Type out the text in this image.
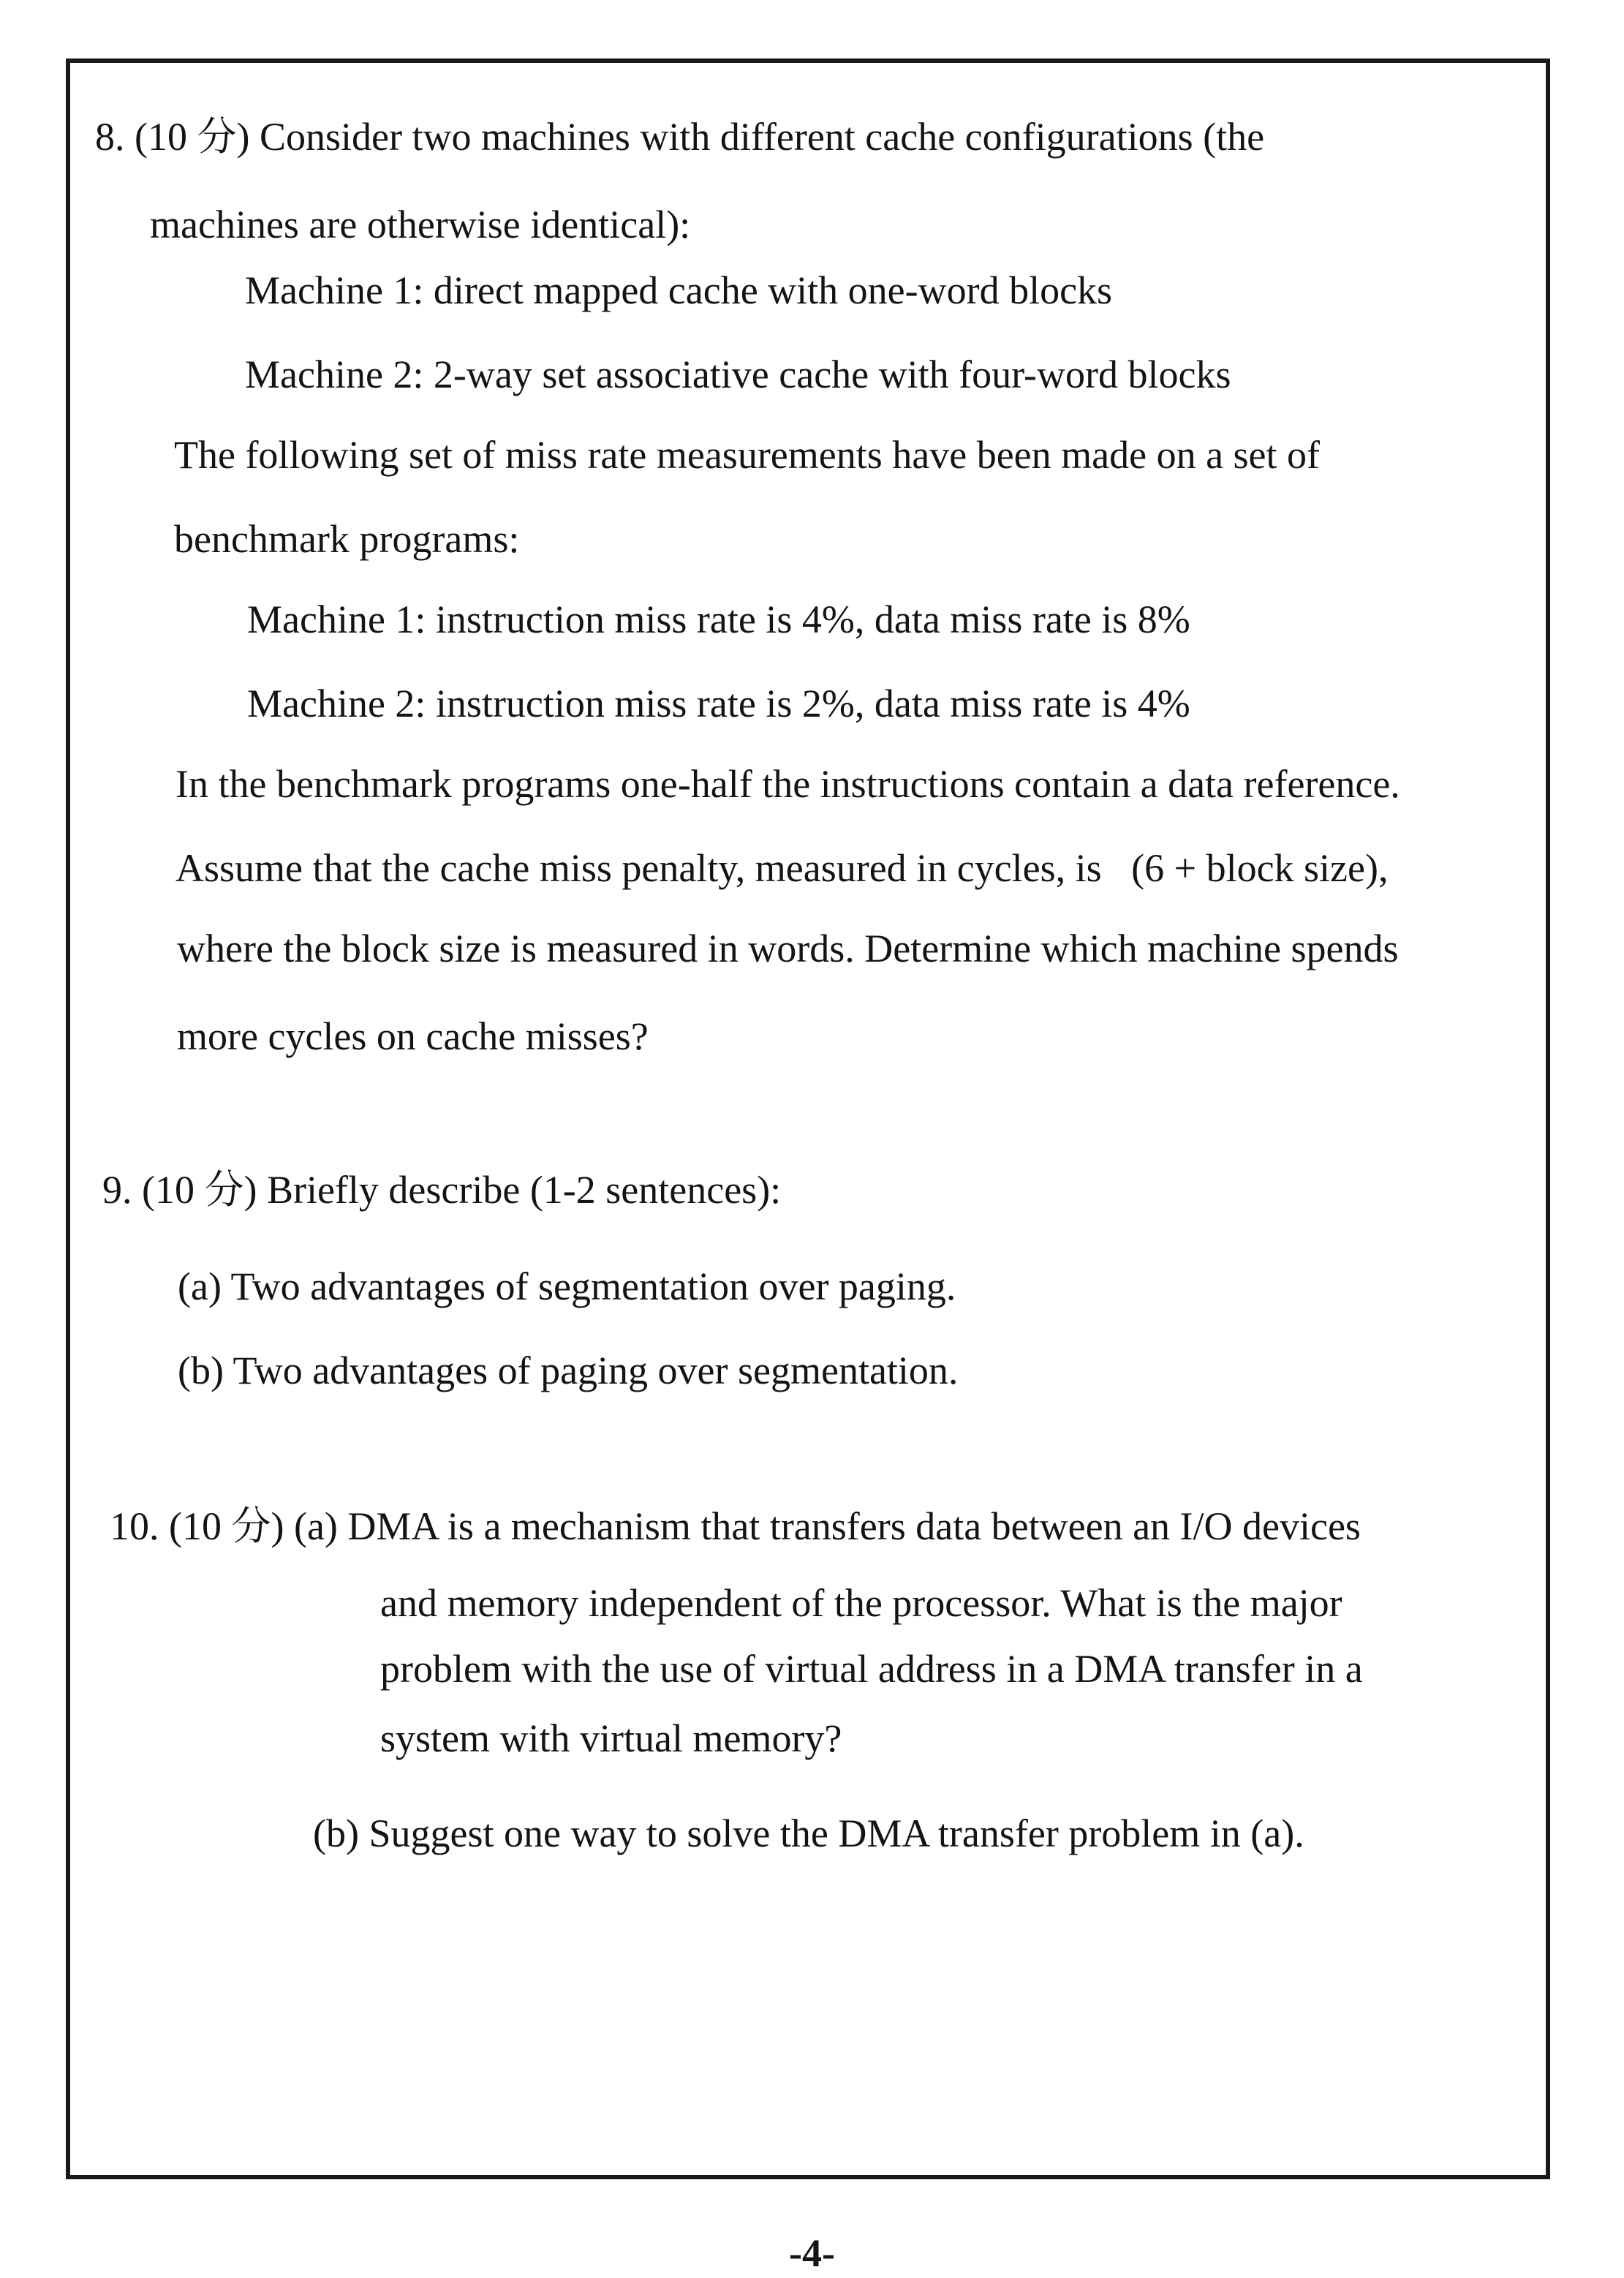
8. (10 分) Consider two machines with different cache configurations (the
machines are otherwise identical):
Machine 1: direct mapped cache with one-word blocks
Machine 2: 2-way set associative cache with four-word blocks
The following set of miss rate measurements have been made on a set of
benchmark programs:
Machine 1: instruction miss rate is 4%, data miss rate is 8%
Machine 2: instruction miss rate is 2%, data miss rate is 4%
In the benchmark programs one-half the instructions contain a data reference.
Assume that the cache miss penalty, measured in cycles, is   (6 + block size),
where the block size is measured in words. Determine which machine spends
more cycles on cache misses?
9. (10 分) Briefly describe (1-2 sentences):
(a) Two advantages of segmentation over paging.
(b) Two advantages of paging over segmentation.
10. (10 分) (a) DMA is a mechanism that transfers data between an I/O devices
and memory independent of the processor. What is the major
problem with the use of virtual address in a DMA transfer in a
system with virtual memory?
(b) Suggest one way to solve the DMA transfer problem in (a).
-4-
